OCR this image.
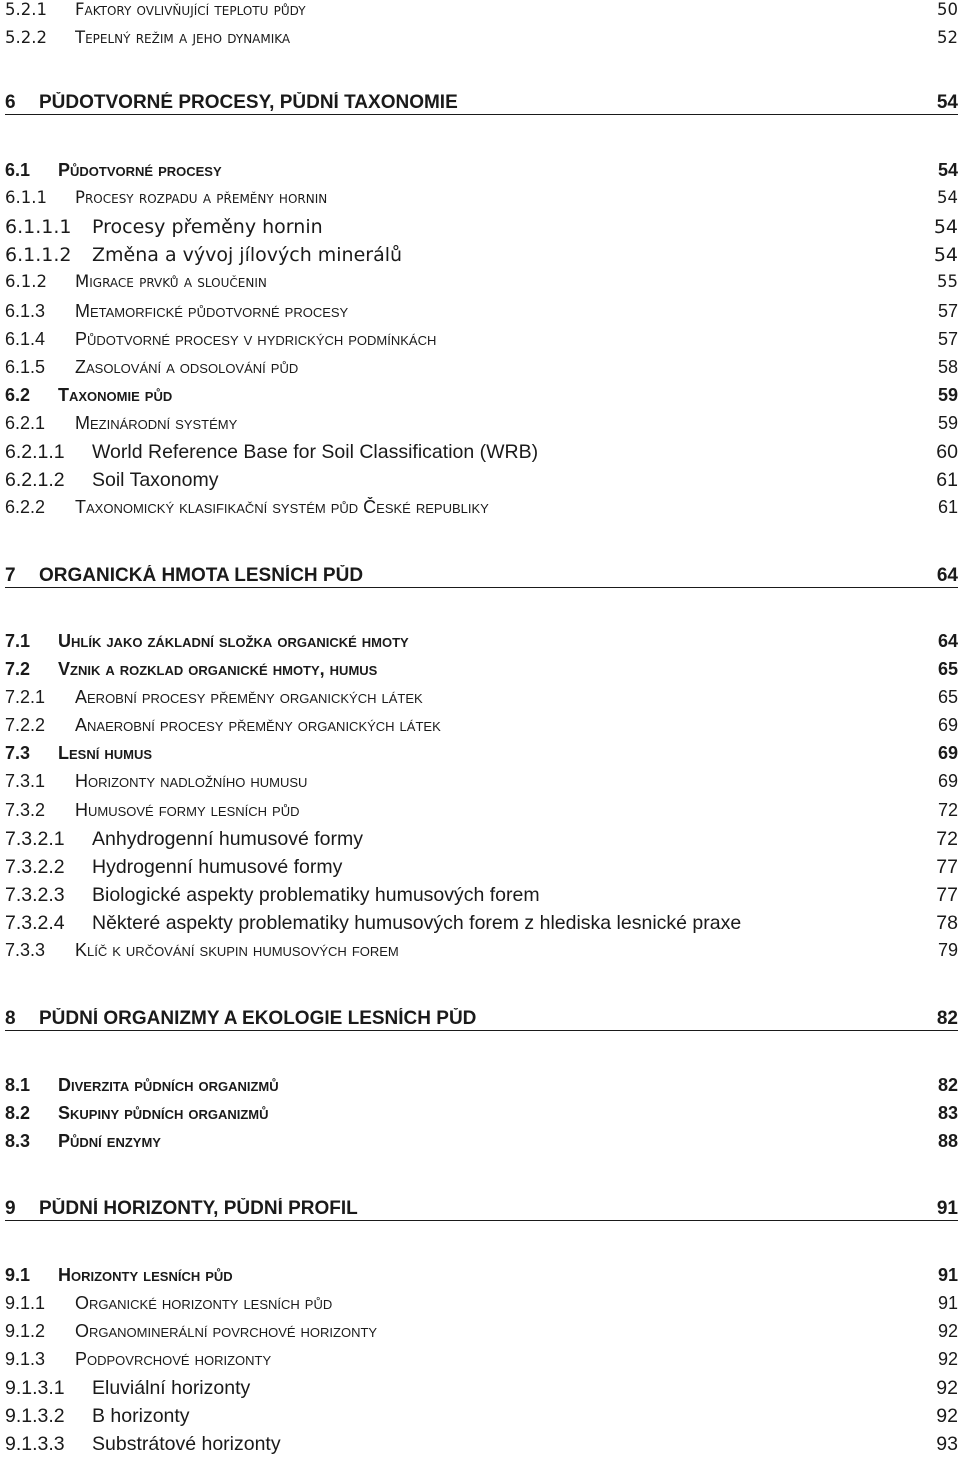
5.2.1	Faktory ovlivňující teplotu půdy	50
5.2.2	Tepelný režim a jeho dynamika	52
6	PŮDOTVORNÉ PROCESY, PŮDNÍ TAXONOMIE	54
6.1	Půdotvorné procesy	54
6.1.1	Procesy rozpadu a přeměny hornin	54
6.1.1.1	Procesy přeměny hornin	54
6.1.1.2	Změna a vývoj jílových minerálů	54
6.1.2	Migrace prvků a sloučenin	55
6.1.3	Metamorfické půdotvorné procesy	57
6.1.4	Půdotvorné procesy v hydrických podmínkách	57
6.1.5	Zasolování a odsolování půd	58
6.2	Taxonomie půd	59
6.2.1	Mezinárodní systémy	59
6.2.1.1	World Reference Base for Soil Classification (WRB)	60
6.2.1.2	Soil Taxonomy	61
6.2.2	Taxonomický klasifikační systém půd České republiky	61
7	ORGANICKÁ HMOTA LESNÍCH PŮD	64
7.1	Uhlík jako základní složka organické hmoty	64
7.2	Vznik a rozklad organické hmoty, humus	65
7.2.1	Aerobní procesy přeměny organických látek	65
7.2.2	Anaerobní procesy přeměny organických látek	69
7.3	Lesní humus	69
7.3.1	Horizonty nadložního humusu	69
7.3.2	Humusové formy lesních půd	72
7.3.2.1	Anhydrogenní humusové formy	72
7.3.2.2	Hydrogenní humusové formy	77
7.3.2.3	Biologické aspekty problematiky humusových forem	77
7.3.2.4	Některé aspekty problematiky humusových forem z hlediska lesnické praxe	78
7.3.3	Klíč k určování skupin humusových forem	79
8	PŮDNÍ ORGANIZMY A EKOLOGIE LESNÍCH PŮD	82
8.1	Diverzita půdních organizmů	82
8.2	Skupiny půdních organizmů	83
8.3	Půdní enzymy	88
9	PŮDNÍ HORIZONTY, PŮDNÍ PROFIL	91
9.1	Horizonty lesních půd	91
9.1.1	Organické horizonty lesních půd	91
9.1.2	Organominerální povrchové horizonty	92
9.1.3	Podpovrchové horizonty	92
9.1.3.1	Eluviální horizonty	92
9.1.3.2	B horizonty	92
9.1.3.3	Substrátové horizonty	93
